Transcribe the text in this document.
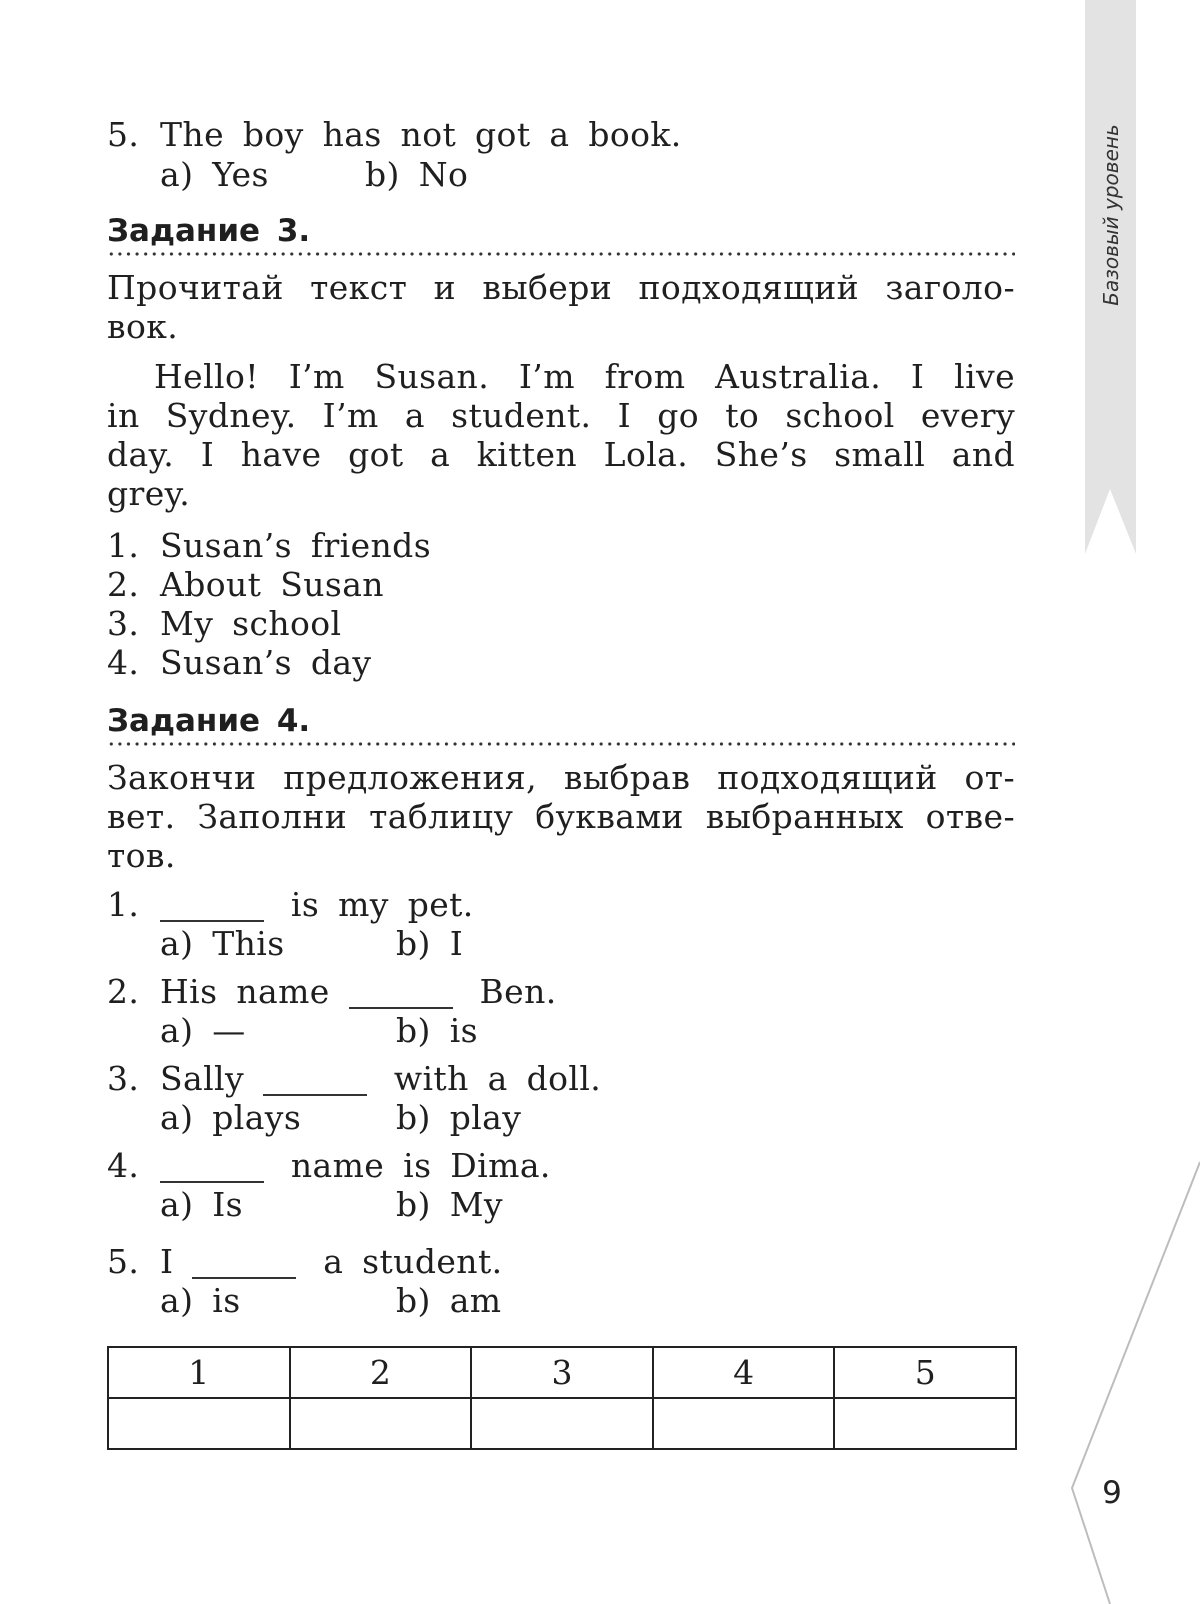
Базовый уровень
9
5. The boy has not got a book.
a) Yes	b) No
Задание 3.
Прочитай текст и выбери подходящий заголо-
вок.
Hello! I’m Susan. I’m from Australia. I live
in Sydney. I’m a student. I go to school every
day. I have got a kitten Lola. She’s small and
grey.
1. Susan’s friends
2. About Susan
3. My school
4. Susan’s day
Задание 4.
Закончи предложения, выбрав подходящий от-
вет. Заполни таблицу буквами выбранных отве-
тов.
1.	is my pet.
a) This	b) I
2. His name	Ben.
a) —	b) is
3. Sally	with a doll.
a) plays	b) play
4.	name is Dima.
a) Is	b) My
5. I	a student.
a) is	b) am
1	2	3	4	5
